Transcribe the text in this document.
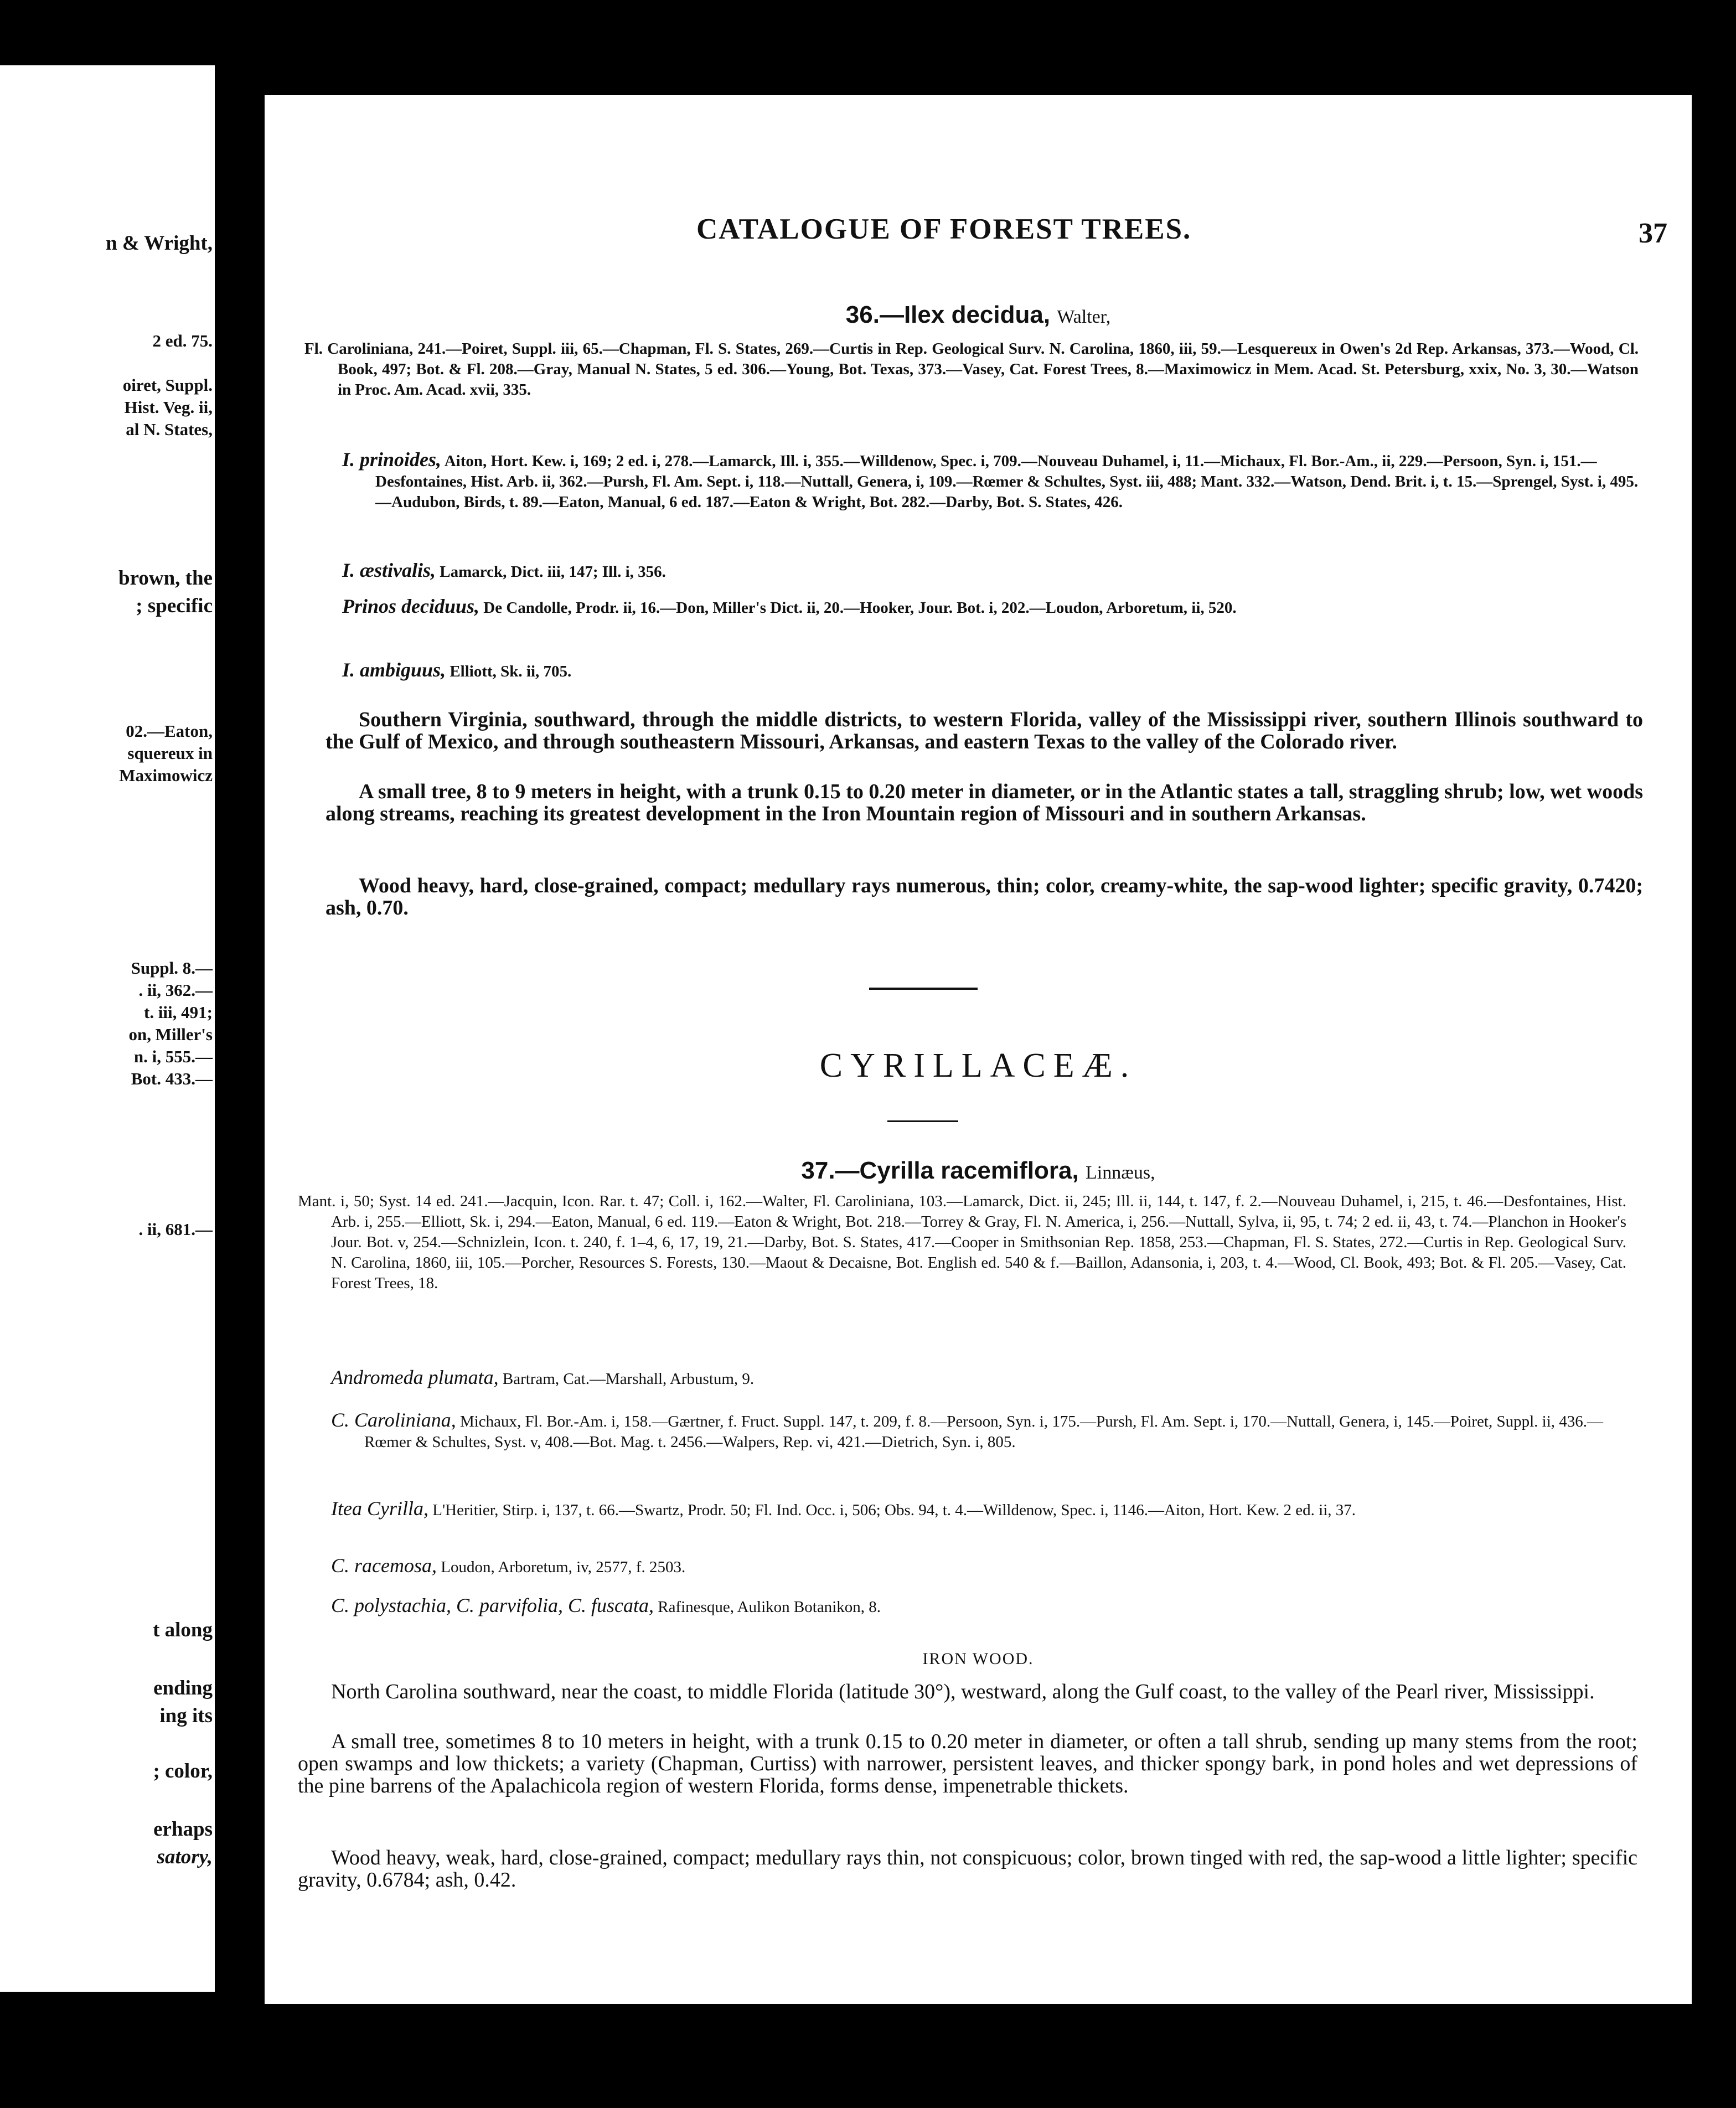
n & Wright,
2 ed. 75.
oiret, Suppl.
Hist. Veg. ii,
al N. States,
brown, the
; specific
02.—Eaton,
squereux in
Maximowicz
Suppl. 8.—
. ii, 362.—
t. iii, 491;
on, Miller's
n. i, 555.—
Bot. 433.—
. ii, 681.—
t along
ending
ing its
; color,
erhaps
satory,
CATALOGUE OF FOREST TREES.	37
36.—Ilex decidua, Walter,
Fl. Caroliniana, 241.—Poiret, Suppl. iii, 65.—Chapman, Fl. S. States, 269.—Curtis in Rep. Geological Surv. N. Carolina, 1860, iii, 59.—Lesquereux in Owen's 2d Rep. Arkansas, 373.—Wood, Cl. Book, 497; Bot. & Fl. 208.—Gray, Manual N. States, 5 ed. 306.—Young, Bot. Texas, 373.—Vasey, Cat. Forest Trees, 8.—Maximowicz in Mem. Acad. St. Petersburg, xxix, No. 3, 30.—Watson in Proc. Am. Acad. xvii, 335.
I. prinoides, Aiton, Hort. Kew. i, 169; 2 ed. i, 278.—Lamarck, Ill. i, 355.—Willdenow, Spec. i, 709.—Nouveau Duhamel, i, 11.—Michaux, Fl. Bor.-Am., ii, 229.—Persoon, Syn. i, 151.—Desfontaines, Hist. Arb. ii, 362.—Pursh, Fl. Am. Sept. i, 118.—Nuttall, Genera, i, 109.—Rœmer & Schultes, Syst. iii, 488; Mant. 332.—Watson, Dend. Brit. i, t. 15.—Sprengel, Syst. i, 495.—Audubon, Birds, t. 89.—Eaton, Manual, 6 ed. 187.—Eaton & Wright, Bot. 282.—Darby, Bot. S. States, 426.
I. æstivalis, Lamarck, Dict. iii, 147; Ill. i, 356.
Prinos deciduus, De Candolle, Prodr. ii, 16.—Don, Miller's Dict. ii, 20.—Hooker, Jour. Bot. i, 202.—Loudon, Arboretum, ii, 520.
I. ambiguus, Elliott, Sk. ii, 705.
Southern Virginia, southward, through the middle districts, to western Florida, valley of the Mississippi river, southern Illinois southward to the Gulf of Mexico, and through southeastern Missouri, Arkansas, and eastern Texas to the valley of the Colorado river.
A small tree, 8 to 9 meters in height, with a trunk 0.15 to 0.20 meter in diameter, or in the Atlantic states a tall, straggling shrub; low, wet woods along streams, reaching its greatest development in the Iron Mountain region of Missouri and in southern Arkansas.
Wood heavy, hard, close-grained, compact; medullary rays numerous, thin; color, creamy-white, the sap-wood lighter; specific gravity, 0.7420; ash, 0.70.
CYRILLACEÆ.
37.—Cyrilla racemiflora, Linnæus,
Mant. i, 50; Syst. 14 ed. 241.—Jacquin, Icon. Rar. t. 47; Coll. i, 162.—Walter, Fl. Caroliniana, 103.—Lamarck, Dict. ii, 245; Ill. ii, 144, t. 147, f. 2.—Nouveau Duhamel, i, 215, t. 46.—Desfontaines, Hist. Arb. i, 255.—Elliott, Sk. i, 294.—Eaton, Manual, 6 ed. 119.—Eaton & Wright, Bot. 218.—Torrey & Gray, Fl. N. America, i, 256.—Nuttall, Sylva, ii, 95, t. 74; 2 ed. ii, 43, t. 74.—Planchon in Hooker's Jour. Bot. v, 254.—Schnizlein, Icon. t. 240, f. 1–4, 6, 17, 19, 21.—Darby, Bot. S. States, 417.—Cooper in Smithsonian Rep. 1858, 253.—Chapman, Fl. S. States, 272.—Curtis in Rep. Geological Surv. N. Carolina, 1860, iii, 105.—Porcher, Resources S. Forests, 130.—Maout & Decaisne, Bot. English ed. 540 & f.—Baillon, Adansonia, i, 203, t. 4.—Wood, Cl. Book, 493; Bot. & Fl. 205.—Vasey, Cat. Forest Trees, 18.
Andromeda plumata, Bartram, Cat.—Marshall, Arbustum, 9.
C. Caroliniana, Michaux, Fl. Bor.-Am. i, 158.—Gærtner, f. Fruct. Suppl. 147, t. 209, f. 8.—Persoon, Syn. i, 175.—Pursh, Fl. Am. Sept. i, 170.—Nuttall, Genera, i, 145.—Poiret, Suppl. ii, 436.—Rœmer & Schultes, Syst. v, 408.—Bot. Mag. t. 2456.—Walpers, Rep. vi, 421.—Dietrich, Syn. i, 805.
Itea Cyrilla, L'Heritier, Stirp. i, 137, t. 66.—Swartz, Prodr. 50; Fl. Ind. Occ. i, 506; Obs. 94, t. 4.—Willdenow, Spec. i, 1146.—Aiton, Hort. Kew. 2 ed. ii, 37.
C. racemosa, Loudon, Arboretum, iv, 2577, f. 2503.
C. polystachia, C. parvifolia, C. fuscata, Rafinesque, Aulikon Botanikon, 8.
IRON WOOD.
North Carolina southward, near the coast, to middle Florida (latitude 30°), westward, along the Gulf coast, to the valley of the Pearl river, Mississippi.
A small tree, sometimes 8 to 10 meters in height, with a trunk 0.15 to 0.20 meter in diameter, or often a tall shrub, sending up many stems from the root; open swamps and low thickets; a variety (Chapman, Curtiss) with narrower, persistent leaves, and thicker spongy bark, in pond holes and wet depressions of the pine barrens of the Apalachicola region of western Florida, forms dense, impenetrable thickets.
Wood heavy, weak, hard, close-grained, compact; medullary rays thin, not conspicuous; color, brown tinged with red, the sap-wood a little lighter; specific gravity, 0.6784; ash, 0.42.
